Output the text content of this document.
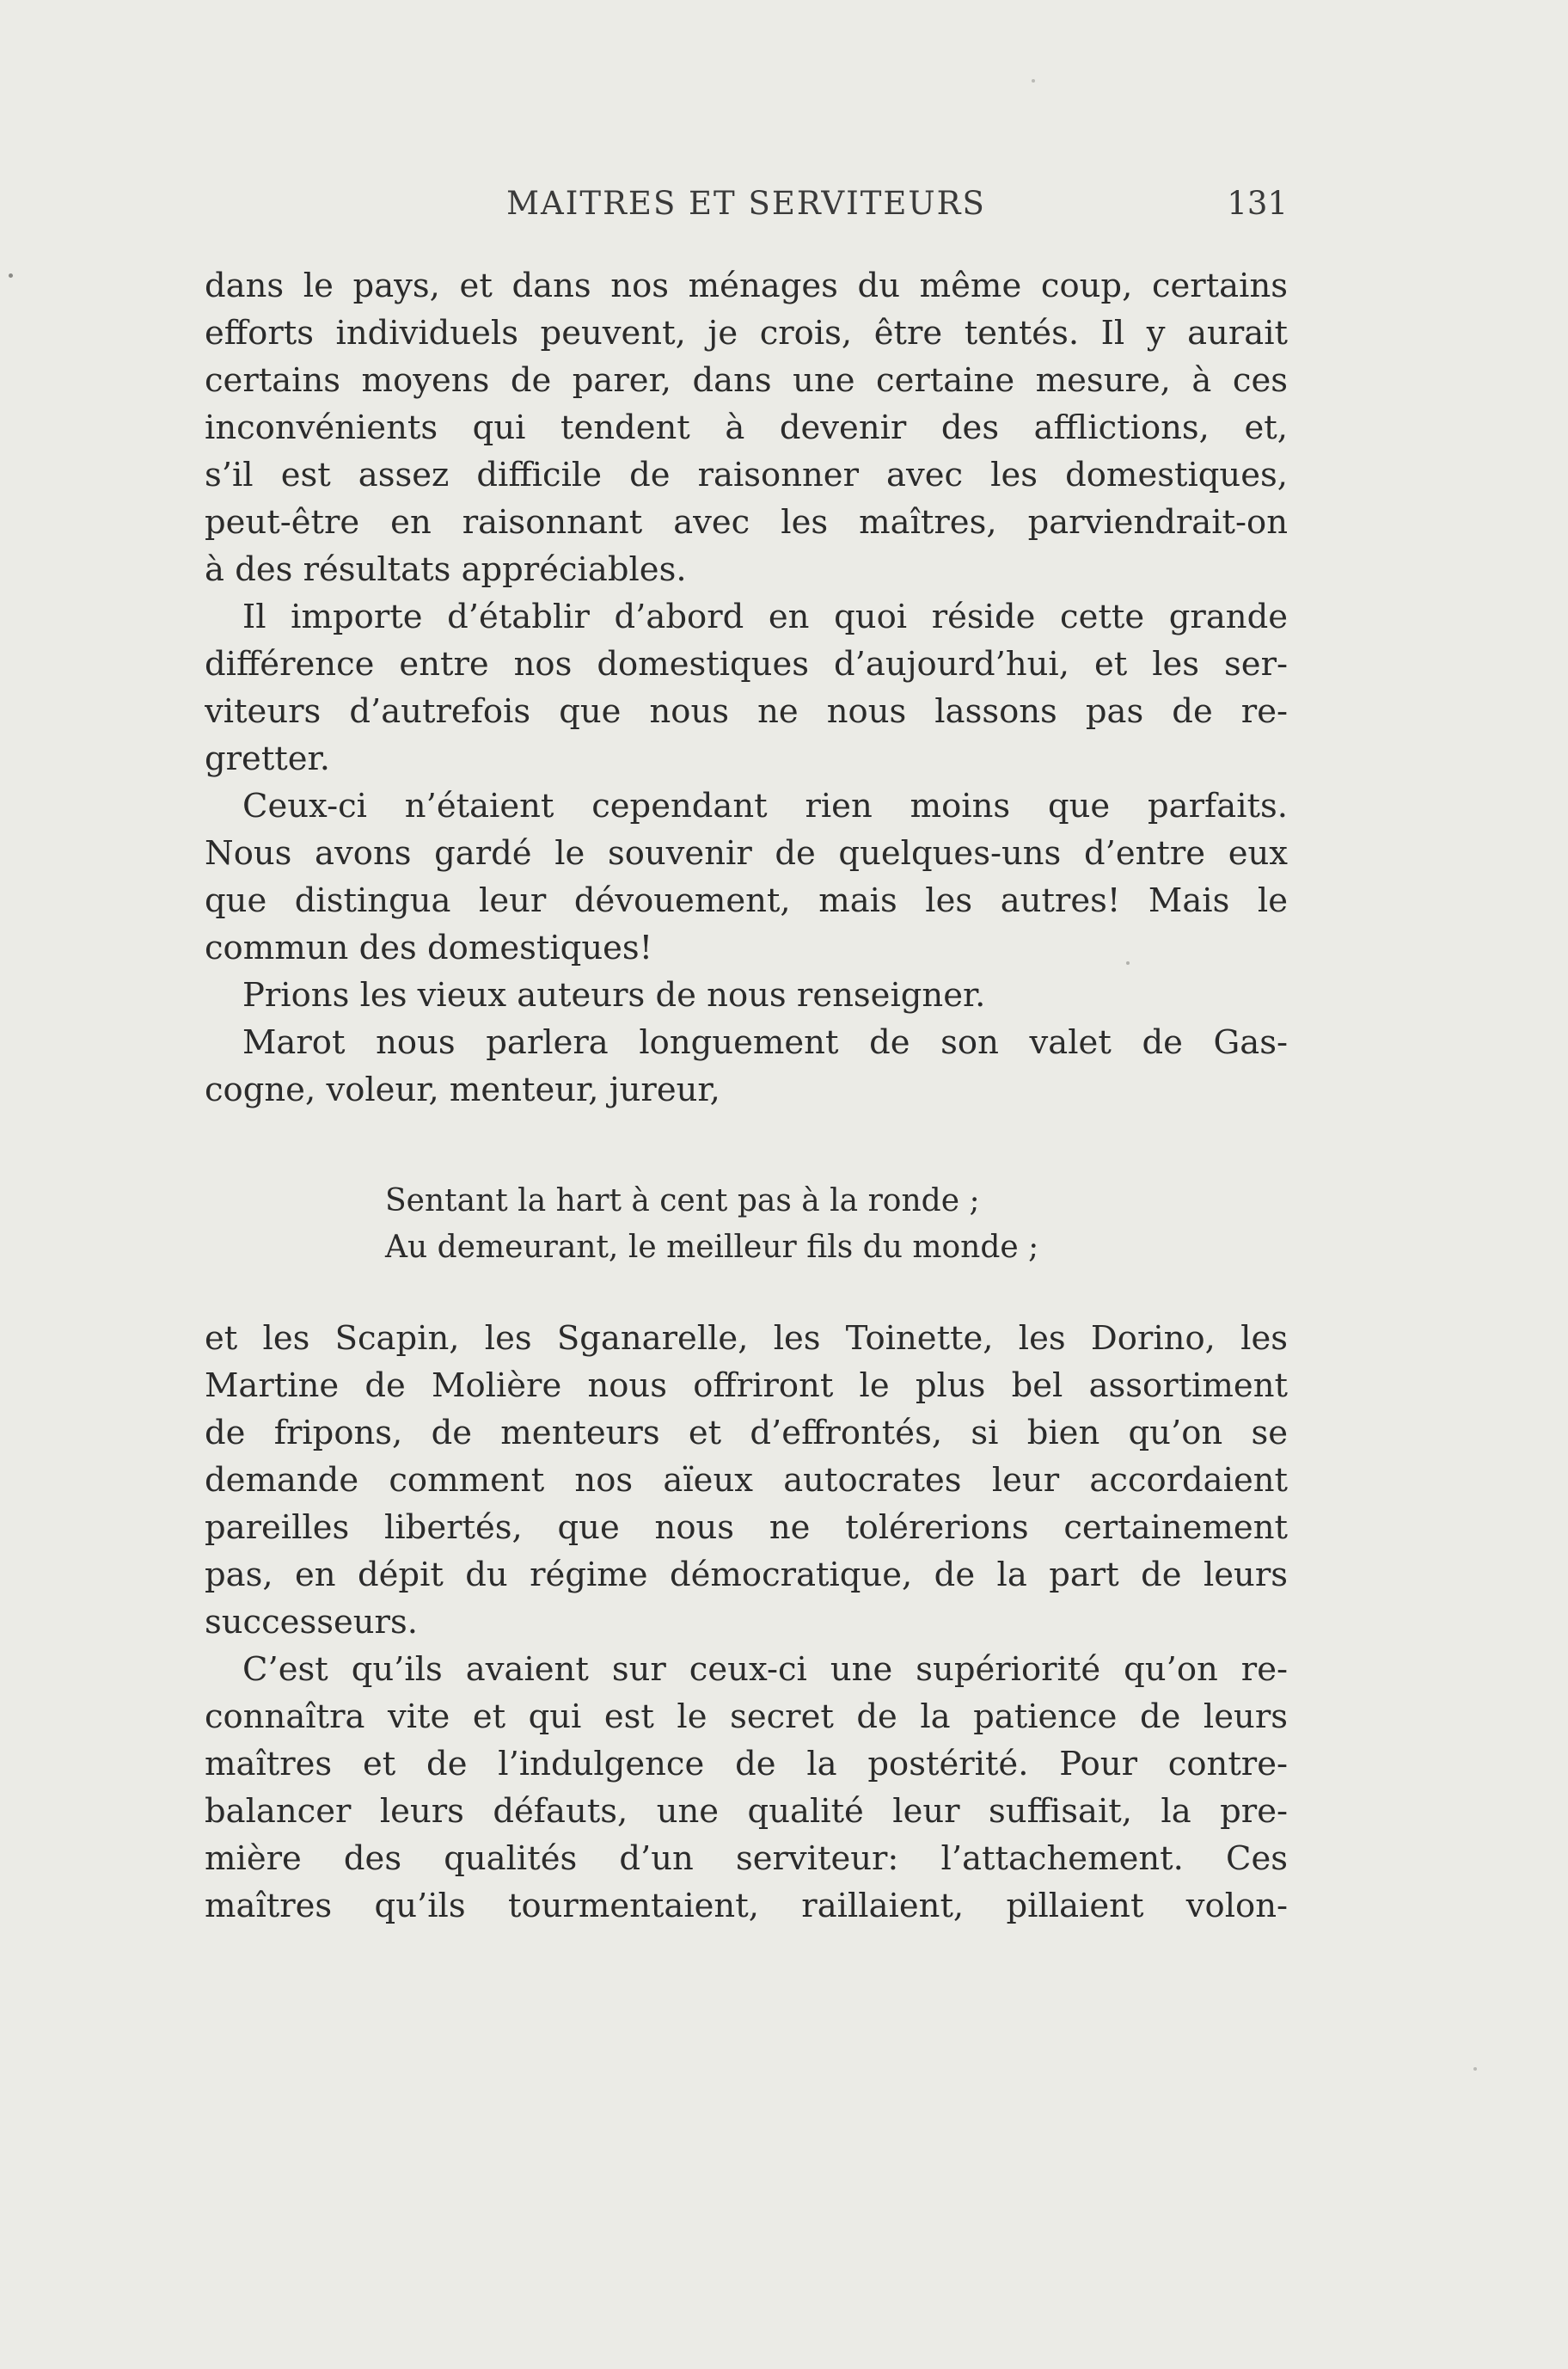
MAITRES ET SERVITEURS	131
dans le pays, et dans nos ménages du même coup, certains
efforts individuels peuvent, je crois, être tentés. Il y aurait
certains moyens de parer, dans une certaine mesure, à ces
inconvénients qui tendent à devenir des afflictions, et,
s’il est assez difficile de raisonner avec les domestiques,
peut-être en raisonnant avec les maîtres, parviendrait-on
à des résultats appréciables.
Il importe d’établir d’abord en quoi réside cette grande
différence entre nos domestiques d’aujourd’hui, et les ser-
viteurs d’autrefois que nous ne nous lassons pas de re-
gretter.
Ceux-ci n’étaient cependant rien moins que parfaits.
Nous avons gardé le souvenir de quelques-uns d’entre eux
que distingua leur dévouement, mais les autres! Mais le
commun des domestiques!
Prions les vieux auteurs de nous renseigner.
Marot nous parlera longuement de son valet de Gas-
cogne, voleur, menteur, jureur,
Sentant la hart à cent pas à la ronde ;
Au demeurant, le meilleur fils du monde ;
et les Scapin, les Sganarelle, les Toinette, les Dorino, les
Martine de Molière nous offriront le plus bel assortiment
de fripons, de menteurs et d’effrontés, si bien qu’on se
demande comment nos aïeux autocrates leur accordaient
pareilles libertés, que nous ne tolérerions certainement
pas, en dépit du régime démocratique, de la part de leurs
successeurs.
C’est qu’ils avaient sur ceux-ci une supériorité qu’on re-
connaîtra vite et qui est le secret de la patience de leurs
maîtres et de l’indulgence de la postérité. Pour contre-
balancer leurs défauts, une qualité leur suffisait, la pre-
mière des qualités d’un serviteur: l’attachement. Ces
maîtres qu’ils tourmentaient, raillaient, pillaient volon-
